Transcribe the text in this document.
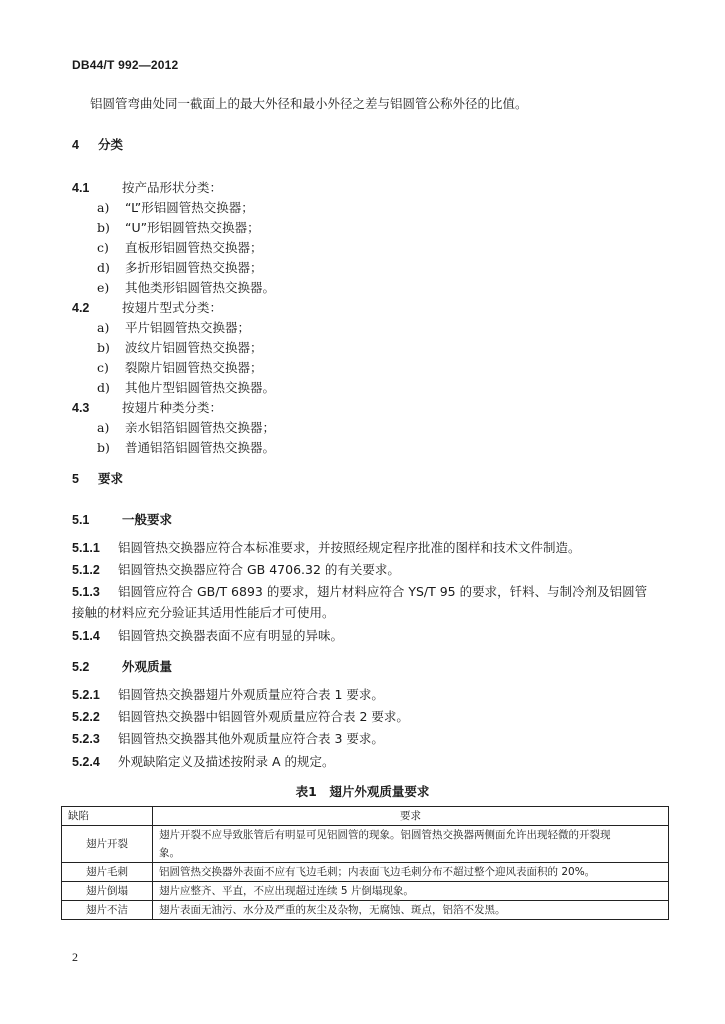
DB44/T 992—2012
铝圆管弯曲处同一截面上的最大外径和最小外径之差与铝圆管公称外径的比值。
4 分类
4.1	按产品形状分类：
a) “L”形铝圆管热交换器；
b) “U”形铝圆管热交换器；
c) 直板形铝圆管热交换器；
d) 多折形铝圆管热交换器；
e) 其他类形铝圆管热交换器。
4.2	按翅片型式分类：
a) 平片铝圆管热交换器；
b) 波纹片铝圆管热交换器；
c) 裂隙片铝圆管热交换器；
d) 其他片型铝圆管热交换器。
4.3	按翅片种类分类：
a) 亲水铝箔铝圆管热交换器；
b) 普通铝箔铝圆管热交换器。
5 要求
5.1	一般要求
5.1.1 铝圆管热交换器应符合本标准要求，并按照经规定程序批准的图样和技术文件制造。
5.1.2 铝圆管热交换器应符合 GB 4706.32 的有关要求。
5.1.3 铝圆管应符合 GB/T 6893 的要求，翅片材料应符合 YS/T 95 的要求，钎料、与制冷剂及铝圆管
接触的材料应充分验证其适用性能后才可使用。
5.1.4 铝圆管热交换器表面不应有明显的异味。
5.2	外观质量
5.2.1 铝圆管热交换器翅片外观质量应符合表 1 要求。
5.2.2 铝圆管热交换器中铝圆管外观质量应符合表 2 要求。
5.2.3 铝圆管热交换器其他外观质量应符合表 3 要求。
5.2.4 外观缺陷定义及描述按附录 A 的规定。
表1　翅片外观质量要求
缺陷	要求
翅片开裂	翅片开裂不应导致胀管后有明显可见铝圆管的现象。铝圆管热交换器两侧面允许出现轻微的开裂现
象。

翅片毛刺	铝圆管热交换器外表面不应有飞边毛刺；内表面飞边毛刺分布不超过整个迎风表面积的 20%。
翅片倒塌	翅片应整齐、平直，不应出现超过连续 5 片倒塌现象。
翅片不洁	翅片表面无油污、水分及严重的灰尘及杂物，无腐蚀、斑点，铝箔不发黑。
2
